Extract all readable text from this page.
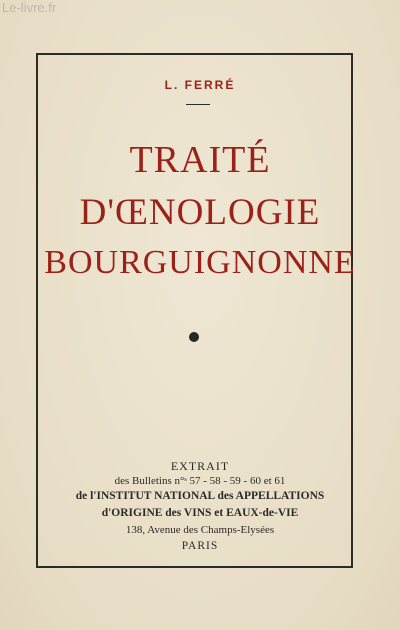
Le-livre.fr
L. FERRÉ
TRAITÉ
D'ŒNOLOGIE
BOURGUIGNONNE
EXTRAIT
des Bulletins n°ˢ 57 - 58 - 59 - 60 et 61
de l'INSTITUT NATIONAL des APPELLATIONS
d'ORIGINE des VINS et EAUX-de-VIE
138, Avenue des Champs-Elysées
PARIS
